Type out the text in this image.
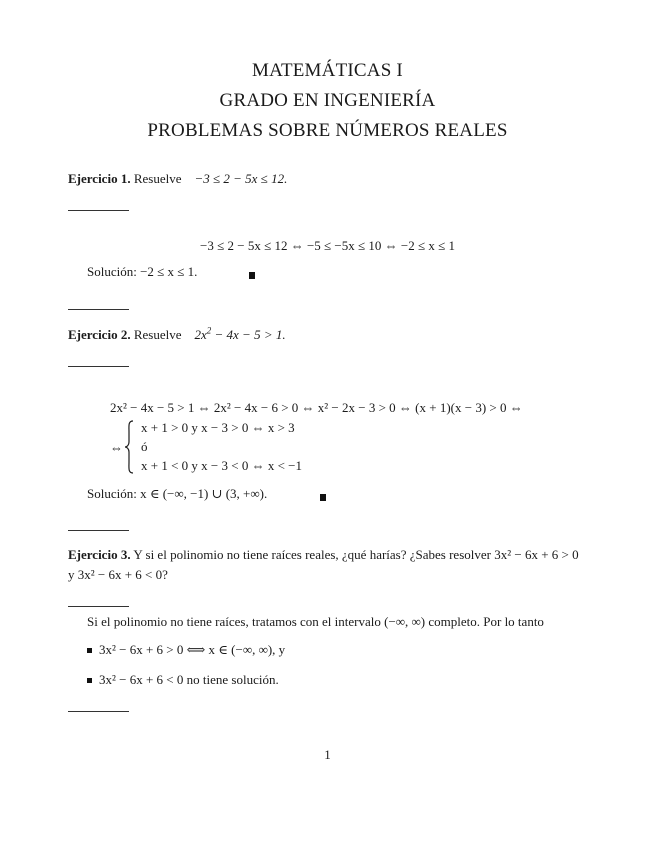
MATEMÁTICAS I
GRADO EN INGENIERÍA
PROBLEMAS SOBRE NÚMEROS REALES
Ejercicio 1. Resuelve −3 ≤ 2 − 5x ≤ 12.
−3 ≤ 2 − 5x ≤ 12 ⇔ −5 ≤ −5x ≤ 10 ⇔ −2 ≤ x ≤ 1
Solución: −2 ≤ x ≤ 1.
Ejercicio 2. Resuelve $2x^2 - 4x - 5 > 1$.
2x² − 4x − 5 > 1 ⇔ 2x² − 4x − 6 > 0 ⇔ x² − 2x − 3 > 0 ⇔ (x + 1)(x − 3) > 0 ⇔
⇔
x + 1 > 0 y x − 3 > 0 ⇔ x > 3
ó
x + 1 < 0 y x − 3 < 0 ⇔ x < −1
Solución: x ∈ (−∞, −1) ∪ (3, +∞).
Ejercicio 3. Y si el polinomio no tiene raíces reales, ¿qué harías? ¿Sabes resolver 3x² − 6x + 6 > 0
y 3x² − 6x + 6 < 0?
Si el polinomio no tiene raíces, tratamos con el intervalo (−∞, ∞) completo. Por lo tanto
3x² − 6x + 6 > 0 ⟺ x ∈ (−∞, ∞), y
3x² − 6x + 6 < 0 no tiene solución.
1
